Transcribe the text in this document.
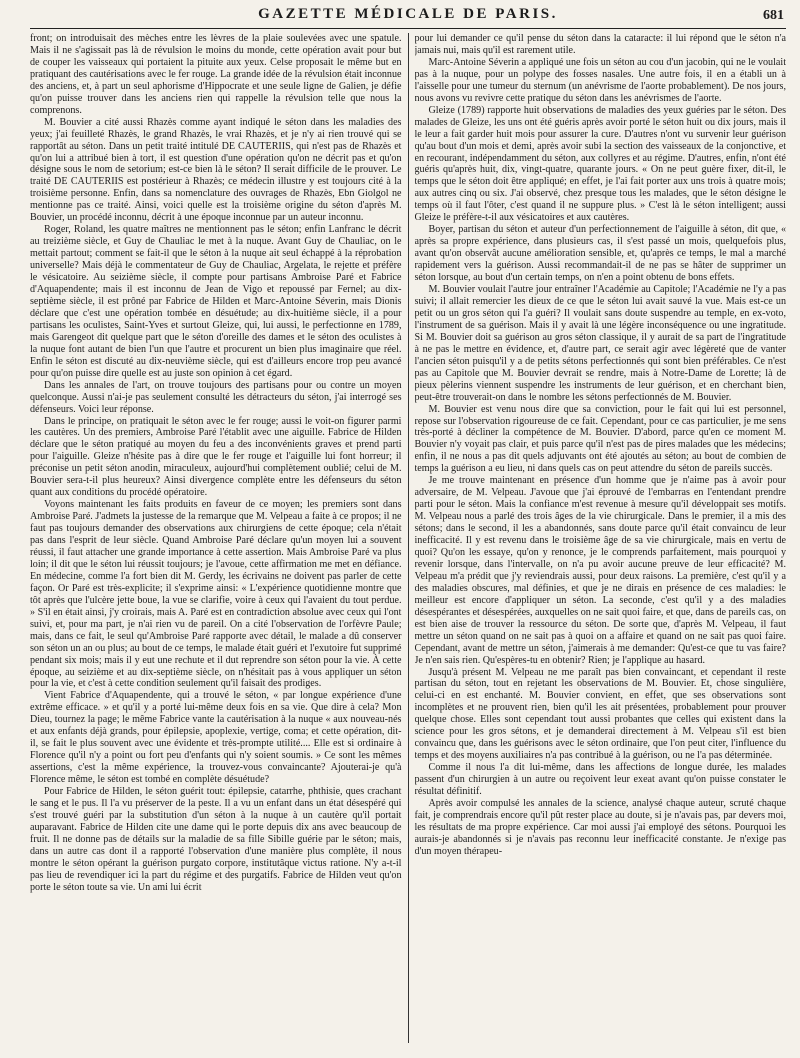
GAZETTE MÉDICALE DE PARIS.	681

front; on introduisait des mèches entre les lèvres de la plaie soulevées avec une spatule. Mais il ne s'agissait pas là de révulsion le moins du monde, cette opération avait pour but de couper les vaisseaux qui portaient la pituite aux yeux. Celse proposait le même but en pratiquant des cautérisations avec le fer rouge. La grande idée de la révulsion était inconnue des anciens, et, à part un seul aphorisme d'Hippocrate et une seule ligne de Galien, je défie qu'on puisse trouver dans les anciens rien qui rappelle la révulsion telle que nous la comprenons.

M. Bouvier a cité aussi Rhazès comme ayant indiqué le séton dans les maladies des yeux; j'ai feuilleté Rhazès, le grand Rhazès, le vrai Rhazès, et je n'y ai rien trouvé qui se rapportât au séton. Dans un petit traité intitulé DE CAUTERIIS, qui n'est pas de Rhazès et qu'on lui a attribué bien à tort, il est question d'une opération qu'on ne décrit pas et qu'on désigne sous le nom de setorium; est-ce bien là le séton? Il serait difficile de le prouver. Le traité DE CAUTERIIS est postérieur à Rhazès; ce médecin illustre y est toujours cité à la troisième personne. Enfin, dans sa nomenclature des ouvrages de Rhazès, Ebn Giolgol ne mentionne pas ce traité. Ainsi, voici quelle est la troisième origine du séton d'après M. Bouvier, un procédé inconnu, décrit à une époque inconnue par un auteur inconnu.

Roger, Roland, les quatre maîtres ne mentionnent pas le séton; enfin Lanfranc le décrit au treizième siècle, et Guy de Chauliac le met à la nuque. Avant Guy de Chauliac, on le mettait partout; comment se fait-il que le séton à la nuque ait seul échappé à la réprobation universelle? Mais déjà le commentateur de Guy de Chauliac, Argelata, le rejette et préfère le vésicatoire. Au seizième siècle, il compte pour partisans Ambroise Paré et Fabrice d'Aquapendente; mais il est inconnu de Jean de Vigo et repoussé par Fernel; au dix-septième siècle, il est prôné par Fabrice de Hilden et Marc-Antoine Séverin, mais Dionis déclare que c'est une opération tombée en désuétude; au dix-huitième siècle, il a pour partisans les oculistes, Saint-Yves et surtout Gleize, qui, lui aussi, le perfectionne en 1789, mais Garengeot dit quelque part que le séton d'oreille des dames et le séton des oculistes à la nuque font autant de bien l'un que l'autre et procurent un bien plus imaginaire que réel. Enfin le séton est discuté au dix-neuvième siècle, qui est d'ailleurs encore trop peu avancé pour qu'on puisse dire quelle est au juste son opinion à cet égard.

Dans les annales de l'art, on trouve toujours des partisans pour ou contre un moyen quelconque. Aussi n'ai-je pas seulement consulté les détracteurs du séton, j'ai interrogé ses défenseurs. Voici leur réponse.

Dans le principe, on pratiquait le séton avec le fer rouge; aussi le voit-on figurer parmi les cautères. Un des premiers, Ambroise Paré l'établit avec une aiguille. Fabrice de Hilden déclare que le séton pratiqué au moyen du feu a des inconvénients graves et prend parti pour l'aiguille. Gleize n'hésite pas à dire que le fer rouge et l'aiguille lui font horreur; il préconise un petit séton anodin, miraculeux, aujourd'hui complètement oublié; celui de M. Bouvier sera-t-il plus heureux? Ainsi divergence complète entre les défenseurs du séton quant aux conditions du procédé opératoire.

Voyons maintenant les faits produits en faveur de ce moyen; les premiers sont dans Ambroise Paré. J'admets la justesse de la remarque que M. Velpeau a faite à ce propos; il ne faut pas toujours demander des observations aux chirurgiens de cette époque; cela n'était pas dans l'esprit de leur siècle. Quand Ambroise Paré déclare qu'un moyen lui a souvent réussi, il faut attacher une grande importance à cette assertion. Mais Ambroise Paré va plus loin; il dit que le séton lui réussit toujours; je l'avoue, cette affirmation me met en défiance. En médecine, comme l'a fort bien dit M. Gerdy, les écrivains ne doivent pas parler de cette façon. Or Paré est très-explicite; il s'exprime ainsi: « L'expérience quotidienne montre que tôt après que l'ulcère jette boue, la vue se clarifie, voire à ceux qui l'avaient du tout perdue. » S'il en était ainsi, j'y croirais, mais A. Paré est en contradiction absolue avec ceux qui l'ont suivi, et, pour ma part, je n'ai rien vu de pareil. On a cité l'observation de l'orfèvre Paule; mais, dans ce fait, le seul qu'Ambroise Paré rapporte avec détail, le malade a dû conserver son séton un an ou plus; au bout de ce temps, le malade était guéri et l'exutoire fut supprimé pendant six mois; mais il y eut une rechute et il dut reprendre son séton pour la vie. À cette époque, au seizième et au dix-septième siècle, on n'hésitait pas à vous appliquer un séton pour la vie, et c'est à cette condition seulement qu'il faisait des prodiges.

Vient Fabrice d'Aquapendente, qui a trouvé le séton, « par longue expérience d'une extrême efficace. » et qu'il y a porté lui-même deux fois en sa vie. Que dire à cela? Mon Dieu, tournez la page; le même Fabrice vante la cautérisation à la nuque « aux nouveau-nés et aux enfants déjà grands, pour épilepsie, apoplexie, vertige, coma; et cette opération, dit-il, se fait le plus souvent avec une évidente et très-prompte utilité.... Elle est si ordinaire à Florence qu'il n'y a point ou fort peu d'enfants qui n'y soient soumis. » Ce sont les mêmes assertions, c'est la même expérience, la trouvez-vous convaincante? Ajouterai-je qu'à Florence même, le séton est tombé en complète désuétude?

Pour Fabrice de Hilden, le séton guérit tout: épilepsie, catarrhe, phthisie, ques crachant le sang et le pus. Il l'a vu préserver de la peste. Il a vu un enfant dans un état désespéré qui s'est trouvé guéri par la substitution d'un séton à la nuque à un cautère qu'il portait auparavant. Fabrice de Hilden cite une dame qui le porte depuis dix ans avec beaucoup de fruit. Il ne donne pas de détails sur la maladie de sa fille Sibille guérie par le séton; mais, dans un autre cas dont il a rapporté l'observation d'une manière plus complète, il nous montre le séton opérant la guérison purgato corpore, institutâque victus ratione. N'y a-t-il pas lieu de revendiquer ici la part du régime et des purgatifs. Fabrice de Hilden veut qu'on porte le séton toute sa vie. Un ami lui écrit

pour lui demander ce qu'il pense du séton dans la cataracte: il lui répond que le séton n'a jamais nui, mais qu'il est rarement utile.

Marc-Antoine Séverin a appliqué une fois un séton au cou d'un jacobin, qui ne le voulait pas à la nuque, pour un polype des fosses nasales. Une autre fois, il en a établi un à l'aisselle pour une tumeur du sternum (un anévrisme de l'aorte probablement). De nos jours, nous avons vu revivre cette pratique du séton dans les anévrismes de l'aorte.

Gleize (1789) rapporte huit observations de maladies des yeux guéries par le séton. Des malades de Gleize, les uns ont été guéris après avoir porté le séton huit ou dix jours, mais il le leur a fait garder huit mois pour assurer la cure. D'autres n'ont vu survenir leur guérison qu'au bout d'un mois et demi, après avoir subi la section des vaisseaux de la conjonctive, et en recourant, indépendamment du séton, aux collyres et au régime. D'autres, enfin, n'ont été guéris qu'après huit, dix, vingt-quatre, quarante jours. « On ne peut guère fixer, dit-il, le temps que le séton doit être appliqué; en effet, je l'ai fait porter aux uns trois à quatre mois; aux autres cinq ou six. J'ai observé, chez presque tous les malades, que le séton désigne le temps où il faut l'ôter, c'est quand il ne suppure plus. » C'est là le séton intelligent; aussi Gleize le préfère-t-il aux vésicatoires et aux cautères.

Boyer, partisan du séton et auteur d'un perfectionnement de l'aiguille à séton, dit que, « après sa propre expérience, dans plusieurs cas, il s'est passé un mois, quelquefois plus, avant qu'on observât aucune amélioration sensible, et, qu'après ce temps, le mal a marché rapidement vers la guérison. Aussi recommandait-il de ne pas se hâter de supprimer un séton lorsque, au bout d'un certain temps, on n'en a point obtenu de bons effets.

M. Bouvier voulait l'autre jour entraîner l'Académie au Capitole; l'Académie ne l'y a pas suivi; il allait remercier les dieux de ce que le séton lui avait sauvé la vue. Mais est-ce un petit ou un gros séton qui l'a guéri? Il voulait sans doute suspendre au temple, en ex-voto, l'instrument de sa guérison. Mais il y avait là une légère inconséquence ou une ingratitude. Si M. Bouvier doit sa guérison au gros séton classique, il y aurait de sa part de l'ingratitude à ne pas le mettre en évidence, et, d'autre part, ce serait agir avec légèreté que de vanter l'ancien séton puisqu'il y a de petits sétons perfectionnés qui sont bien préférables. Ce n'est pas au Capitole que M. Bouvier devrait se rendre, mais à Notre-Dame de Lorette; là de pieux pèlerins viennent suspendre les instruments de leur guérison, et en cherchant bien, peut-être trouverait-on dans le nombre les sétons perfectionnés de M. Bouvier.

M. Bouvier est venu nous dire que sa conviction, pour le fait qui lui est personnel, repose sur l'observation rigoureuse de ce fait. Cependant, pour ce cas particulier, je me sens très-porté à décliner la compétence de M. Bouvier. D'abord, parce qu'en ce moment M. Bouvier n'y voyait pas clair, et puis parce qu'il n'est pas de pires malades que les médecins; enfin, il ne nous a pas dit quels adjuvants ont été ajoutés au séton; au bout de combien de temps la guérison a eu lieu, ni dans quels cas on peut attendre du séton de pareils succès.

Je me trouve maintenant en présence d'un homme que je n'aime pas à avoir pour adversaire, de M. Velpeau. J'avoue que j'ai éprouvé de l'embarras en l'entendant prendre parti pour le séton. Mais la confiance m'est revenue à mesure qu'il développait ses motifs. M. Velpeau nous a parlé des trois âges de la vie chirurgicale. Dans le premier, il a mis des sétons; dans le second, il les a abandonnés, sans doute parce qu'il était convaincu de leur inefficacité. Il y est revenu dans le troisième âge de sa vie chirurgicale, mais en vertu de quoi? Qu'on les essaye, qu'on y renonce, je le comprends parfaitement, mais pourquoi y revenir lorsque, dans l'intervalle, on n'a pu avoir aucune preuve de leur efficacité? M. Velpeau m'a prédit que j'y reviendrais aussi, pour deux raisons. La première, c'est qu'il y a des maladies obscures, mal définies, et que je ne dirais en présence de ces maladies: le meilleur est encore d'appliquer un séton. La seconde, c'est qu'il y a des maladies désespérantes et désespérées, auxquelles on ne sait quoi faire, et que, dans de pareils cas, on est bien aise de trouver la ressource du séton. De sorte que, d'après M. Velpeau, il faut mettre un séton quand on ne sait pas à quoi on a affaire et quand on ne sait pas quoi faire. Cependant, avant de mettre un séton, j'aimerais à me demander: Qu'est-ce que tu vas faire? Je n'en sais rien. Qu'espères-tu en obtenir? Rien; je l'applique au hasard.

Jusqu'à présent M. Velpeau ne me paraît pas bien convaincant, et cependant il reste partisan du séton, tout en rejetant les observations de M. Bouvier. Et, chose singulière, celui-ci en est enchanté. M. Bouvier convient, en effet, que ses observations sont incomplètes et ne prouvent rien, bien qu'il les ait présentées, probablement pour prouver quelque chose. Elles sont cependant tout aussi probantes que celles qui existent dans la science pour les gros sétons, et je demanderai directement à M. Velpeau s'il est bien convaincu que, dans les guérisons avec le séton ordinaire, que l'on peut citer, l'influence du temps et des moyens auxiliaires n'a pas contribué à la guérison, ou ne l'a pas déterminée.

Comme il nous l'a dit lui-même, dans les affections de longue durée, les malades passent d'un chirurgien à un autre ou reçoivent leur exeat avant qu'on puisse constater le résultat définitif.

Après avoir compulsé les annales de la science, analysé chaque auteur, scruté chaque fait, je comprendrais encore qu'il pût rester place au doute, si je n'avais pas, par devers moi, les résultats de ma propre expérience. Car moi aussi j'ai employé des sétons. Pourquoi les aurais-je abandonnés si je n'avais pas reconnu leur inefficacité constante. Je n'exige pas d'un moyen thérapeu-
